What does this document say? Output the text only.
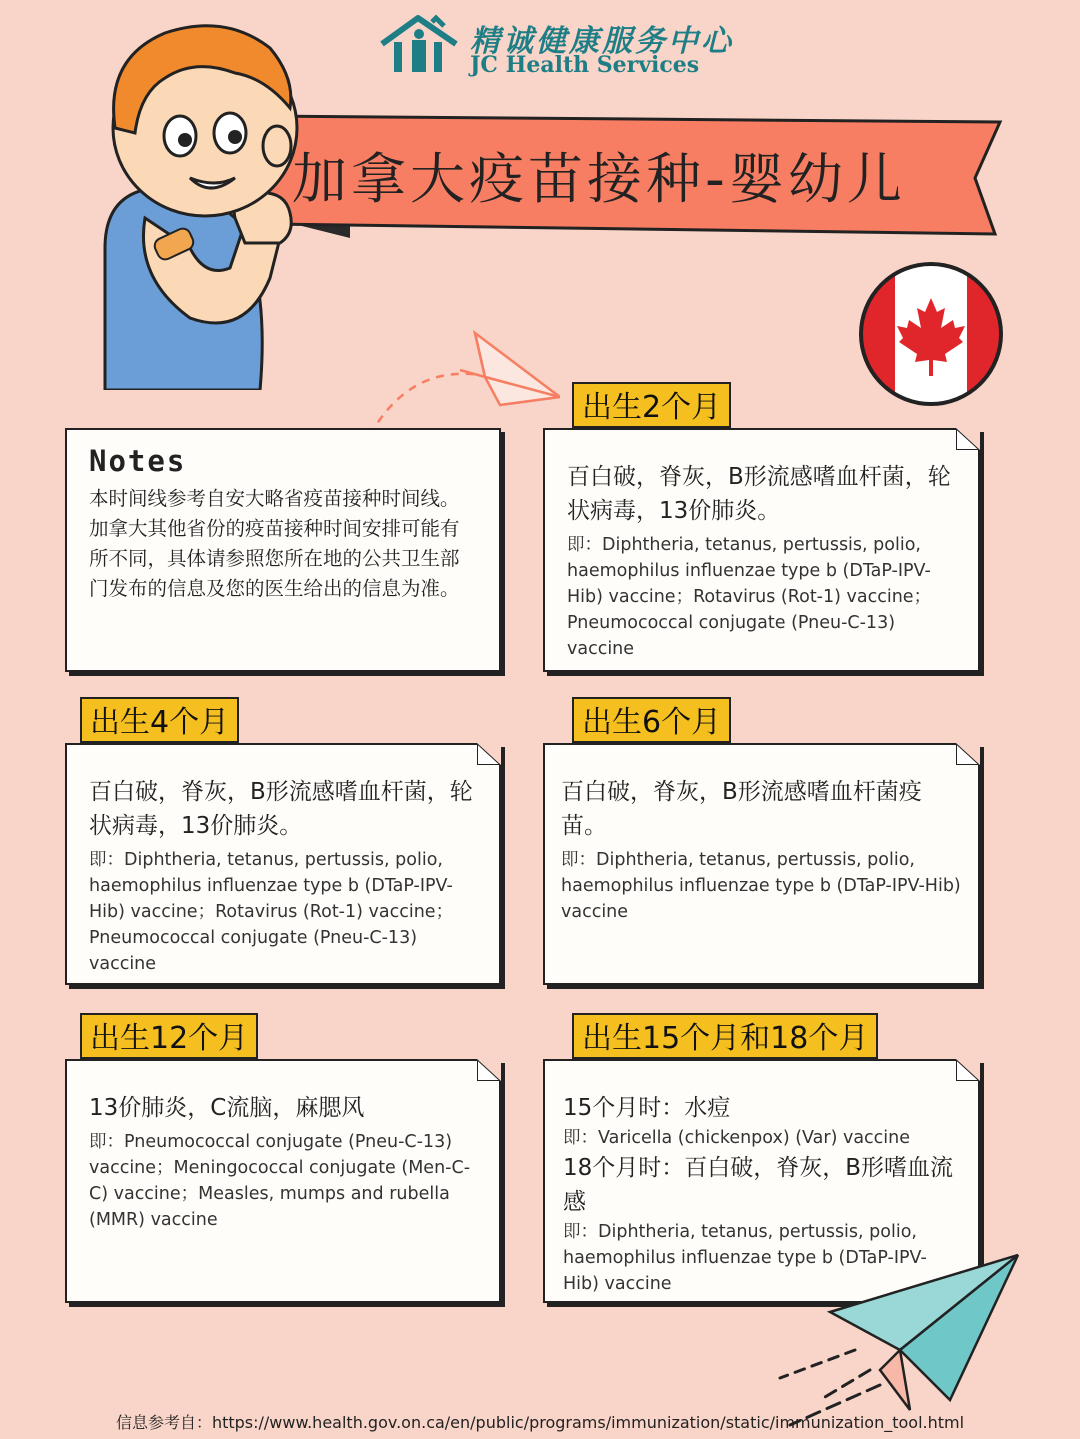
精诚健康服务中心
JC Health Services
加拿大疫苗接种-婴幼儿

Notes

本时间线参考自安大略省疫苗接种时间线。加拿大其他省份的疫苗接种时间安排可能有所不同，具体请参照您所在地的公共卫生部门发布的信息及您的医生给出的信息为准。

出生2个月

百白破，脊灰，B形流感嗜血杆菌，轮状病毒，13价肺炎。

即：Diphtheria, tetanus, pertussis, polio, haemophilus influenzae type b (DTaP-IPV-Hib) vaccine；Rotavirus (Rot-1) vaccine；Pneumococcal conjugate (Pneu-C-13) vaccine

出生4个月

百白破，脊灰，B形流感嗜血杆菌，轮状病毒，13价肺炎。

即：Diphtheria, tetanus, pertussis, polio, haemophilus influenzae type b (DTaP-IPV-Hib) vaccine；Rotavirus (Rot-1) vaccine；Pneumococcal conjugate (Pneu-C-13) vaccine

出生6个月

百白破，脊灰，B形流感嗜血杆菌疫苗。

即：Diphtheria, tetanus, pertussis, polio, haemophilus influenzae type b (DTaP-IPV-Hib) vaccine

出生12个月

13价肺炎，C流脑，麻腮风

即：Pneumococcal conjugate (Pneu-C-13) vaccine；Meningococcal conjugate (Men-C-C) vaccine；Measles, mumps and rubella (MMR) vaccine

出生15个月和18个月

15个月时：水痘

即：Varicella (chickenpox) (Var) vaccine

18个月时：百白破，脊灰，B形嗜血流感

即：Diphtheria, tetanus, pertussis, polio, haemophilus influenzae type b (DTaP-IPV-Hib) vaccine

信息参考自：https://www.health.gov.on.ca/en/public/programs/immunization/static/immunization_tool.html
